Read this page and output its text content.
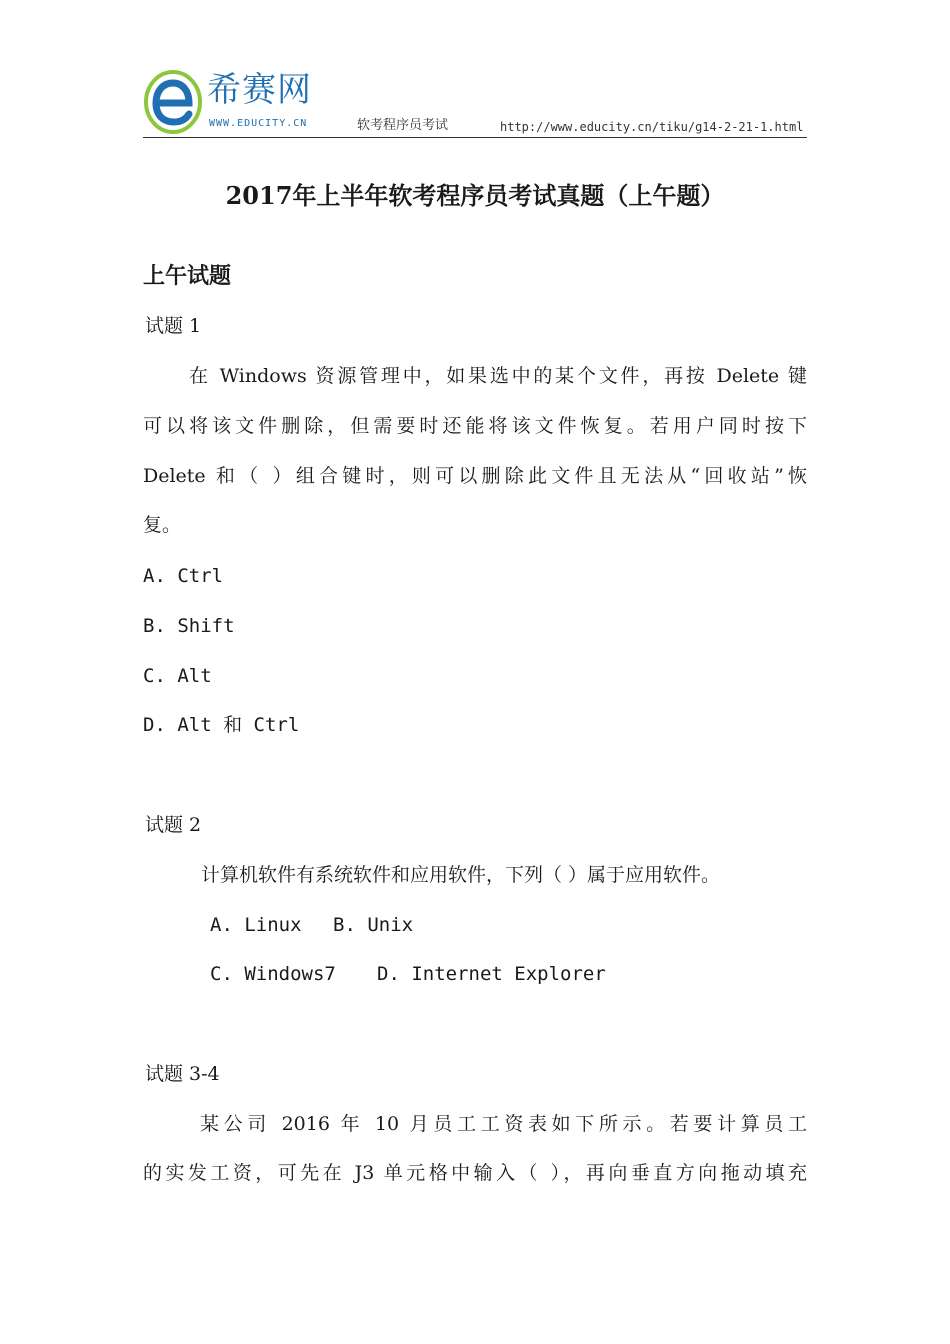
希赛网
WWW.EDUCITY.CN	软考程序员考试	http://www.educity.cn/tiku/g14-2-21-1.html
2017年上半年软考程序员考试真题（上午题）
上午试题
试题 1
在 Windows 资源管理中，如果选中的某个文件，再按 Delete 键
可以将该文件删除，但需要时还能将该文件恢复。若用户同时按下
Delete 和（ ）组合键时，则可以删除此文件且无法从“回收站”恢
复。
A. Ctrl
B. Shift
C. Alt
D. Alt 和 Ctrl
试题 2
计算机软件有系统软件和应用软件，下列（ ）属于应用软件。
A. Linux B. Unix
C. Windows7 D. Internet Explorer
试题 3-4
某公司 2016 年 10 月员工工资表如下所示。若要计算员工
的实发工资，可先在 J3 单元格中输入（ ），再向垂直方向拖动填充
